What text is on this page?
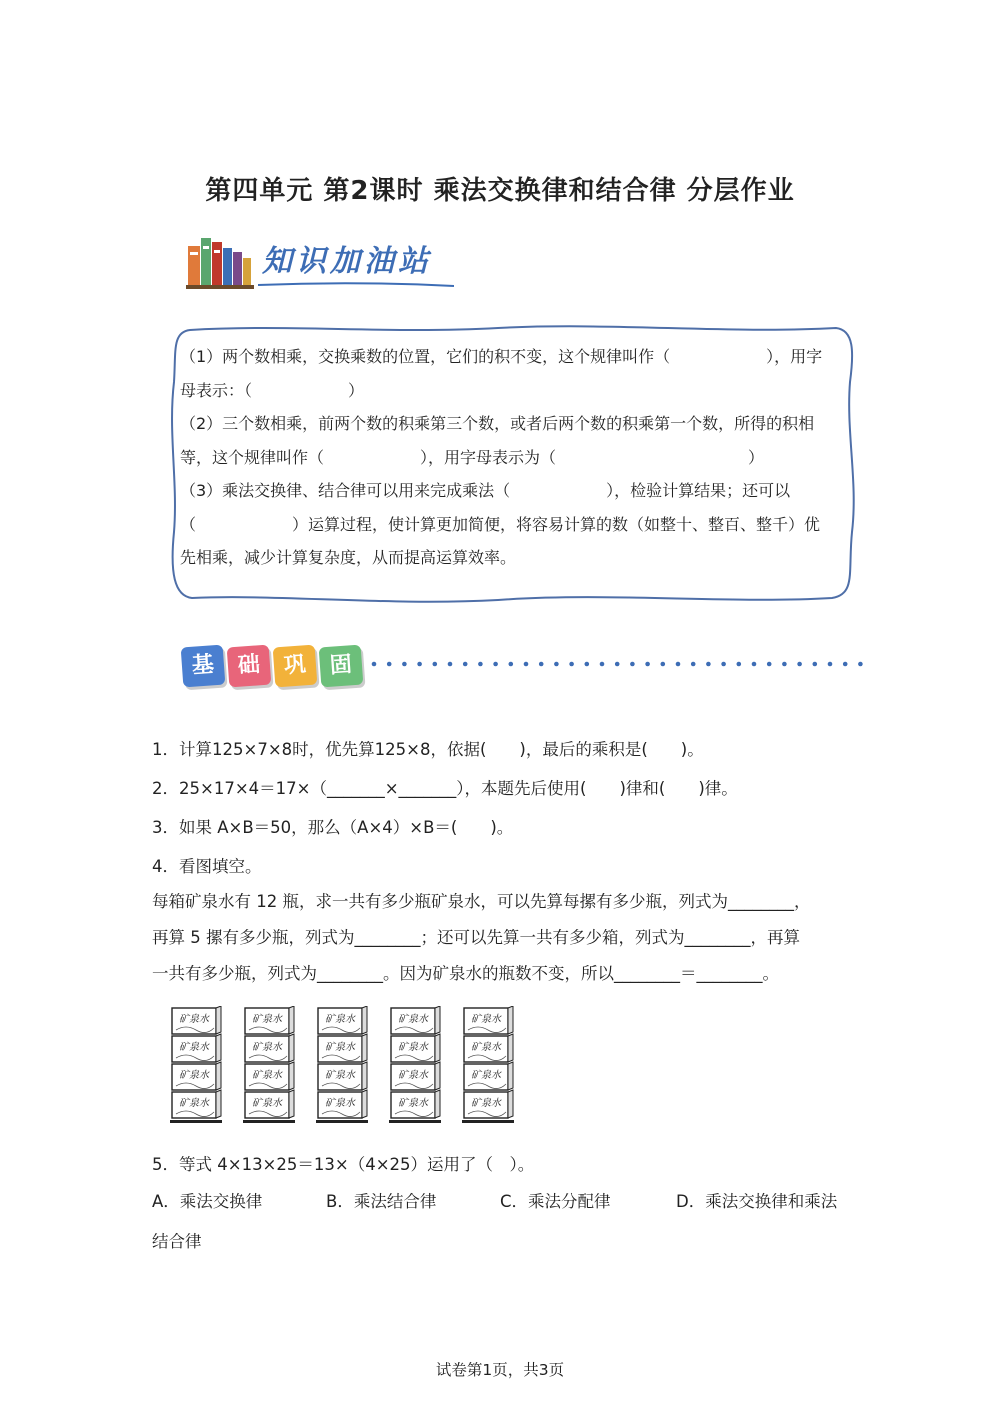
第四单元 第2课时 乘法交换律和结合律 分层作业
知识加油站
（1）两个数相乘，交换乘数的位置，它们的积不变，这个规律叫作（　　　　　　），用字
母表示：（　　　　　　）
（2）三个数相乘，前两个数的积乘第三个数，或者后两个数的积乘第一个数，所得的积相
等，这个规律叫作（　　　　　　），用字母表示为（　　　　　　　　　　　　）
（3）乘法交换律、结合律可以用来完成乘法（　　　　　　），检验计算结果；还可以
（　　　　　　）运算过程，使计算更加简便，将容易计算的数（如整十、整百、整千）优
先相乘，减少计算复杂度，从而提高运算效率。
基	础	巩	固
1．计算125×7×8时，优先算125×8，依据(　　)，最后的乘积是(　　)。
2．25×17×4＝17×（_______×_______），本题先后使用(　　)律和(　　)律。
3．如果 A×B＝50，那么（A×4）×B＝(　　)。
4．看图填空。
每箱矿泉水有 12 瓶，求一共有多少瓶矿泉水，可以先算每摞有多少瓶，列式为________，
再算 5 摞有多少瓶，列式为________；还可以先算一共有多少箱，列式为________，再算
一共有多少瓶，列式为________。因为矿泉水的瓶数不变，所以________＝________。
矿泉水
矿泉水
矿泉水
矿泉水
矿泉水
矿泉水
矿泉水
矿泉水
矿泉水
矿泉水
矿泉水
矿泉水
矿泉水
矿泉水
矿泉水
矿泉水
矿泉水
矿泉水
矿泉水
矿泉水
5．等式 4×13×25＝13×（4×25）运用了（　）。
A．乘法交换律	B．乘法结合律	C．乘法分配律	D．乘法交换律和乘法
结合律
试卷第1页，共3页
